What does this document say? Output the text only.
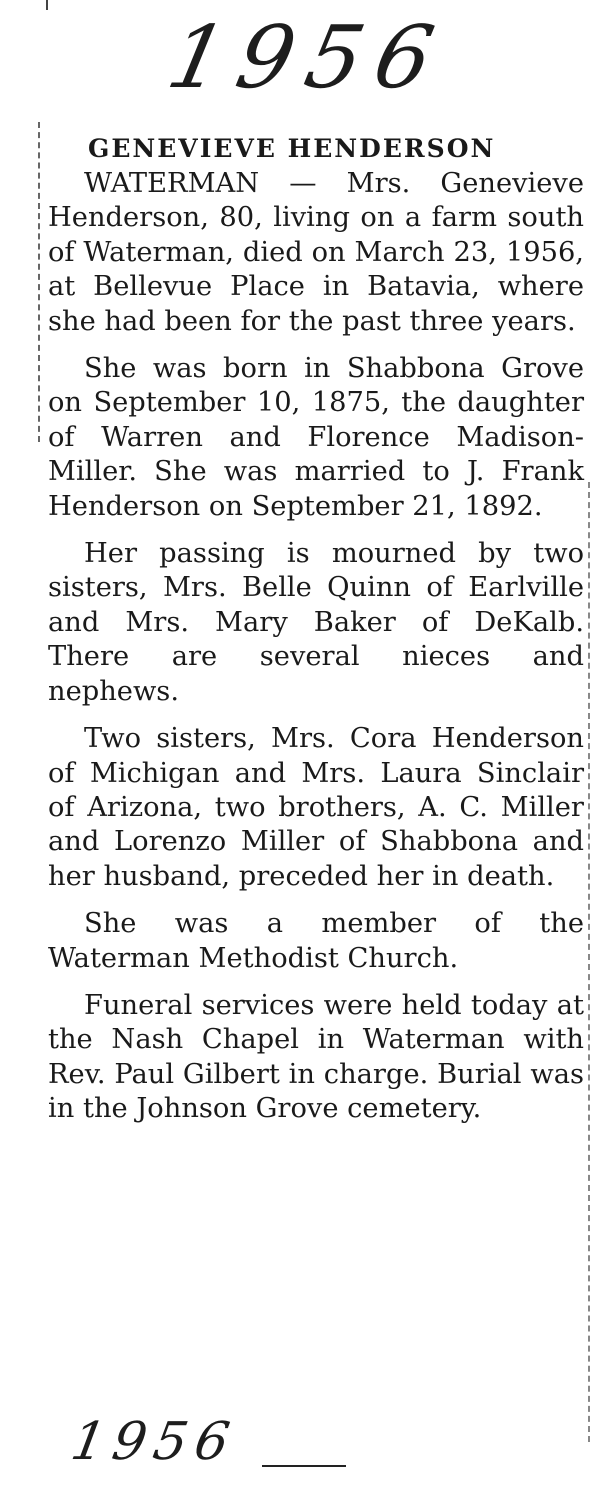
1956
GENEVIEVE HENDERSON

WATERMAN — Mrs. Genevieve Henderson, 80, living on a farm south of Waterman, died on March 23, 1956, at Bellevue Place in Batavia, where she had been for the past three years.

She was born in Shabbona Grove on September 10, 1875, the daughter of Warren and Florence Madison-Miller. She was married to J. Frank Henderson on September 21, 1892.

Her passing is mourned by two sisters, Mrs. Belle Quinn of Earlville and Mrs. Mary Baker of DeKalb. There are several nieces and nephews.

Two sisters, Mrs. Cora Henderson of Michigan and Mrs. Laura Sinclair of Arizona, two brothers, A. C. Miller and Lorenzo Miller of Shabbona and her husband, preceded her in death.

She was a member of the Waterman Methodist Church.

Funeral services were held today at the Nash Chapel in Waterman with Rev. Paul Gilbert in charge. Burial was in the Johnson Grove cemetery.

1956
